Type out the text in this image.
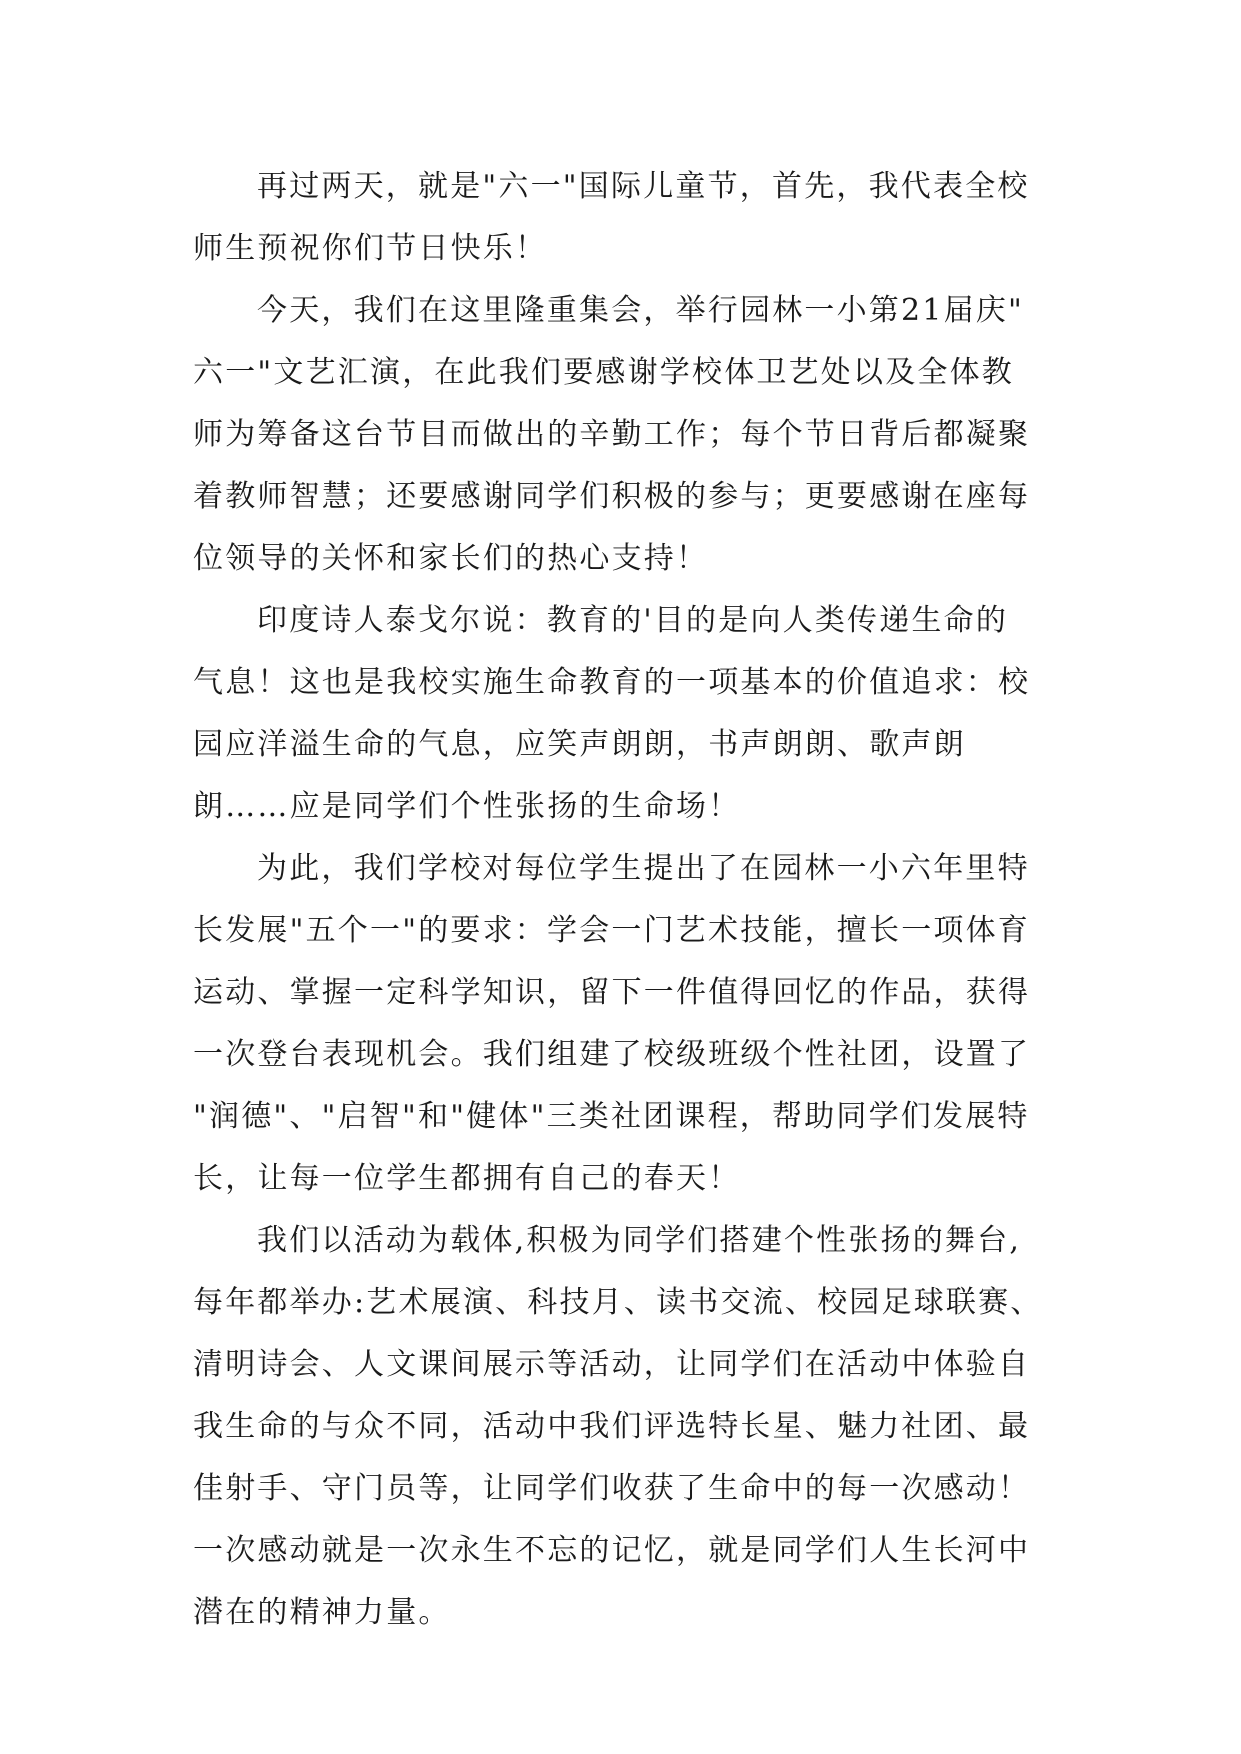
再过两天，就是"六一"国际儿童节，首先，我代表全校
师生预祝你们节日快乐！
今天，我们在这里隆重集会，举行园林一小第21届庆"
六一"文艺汇演，在此我们要感谢学校体卫艺处以及全体教
师为筹备这台节目而做出的辛勤工作；每个节日背后都凝聚
着教师智慧；还要感谢同学们积极的参与；更要感谢在座每
位领导的关怀和家长们的热心支持！
印度诗人泰戈尔说：教育的'目的是向人类传递生命的
气息！这也是我校实施生命教育的一项基本的价值追求：校
园应洋溢生命的气息，应笑声朗朗，书声朗朗、歌声朗
朗……应是同学们个性张扬的生命场！
为此，我们学校对每位学生提出了在园林一小六年里特
长发展"五个一"的要求：学会一门艺术技能，擅长一项体育
运动、掌握一定科学知识，留下一件值得回忆的作品，获得
一次登台表现机会。我们组建了校级班级个性社团，设置了
"润德"、"启智"和"健体"三类社团课程，帮助同学们发展特
长，让每一位学生都拥有自己的春天！
我们以活动为载体,积极为同学们搭建个性张扬的舞台,
每年都举办:艺术展演、科技月、读书交流、校园足球联赛、
清明诗会、人文课间展示等活动，让同学们在活动中体验自
我生命的与众不同，活动中我们评选特长星、魅力社团、最
佳射手、守门员等，让同学们收获了生命中的每一次感动！
一次感动就是一次永生不忘的记忆，就是同学们人生长河中
潜在的精神力量。
